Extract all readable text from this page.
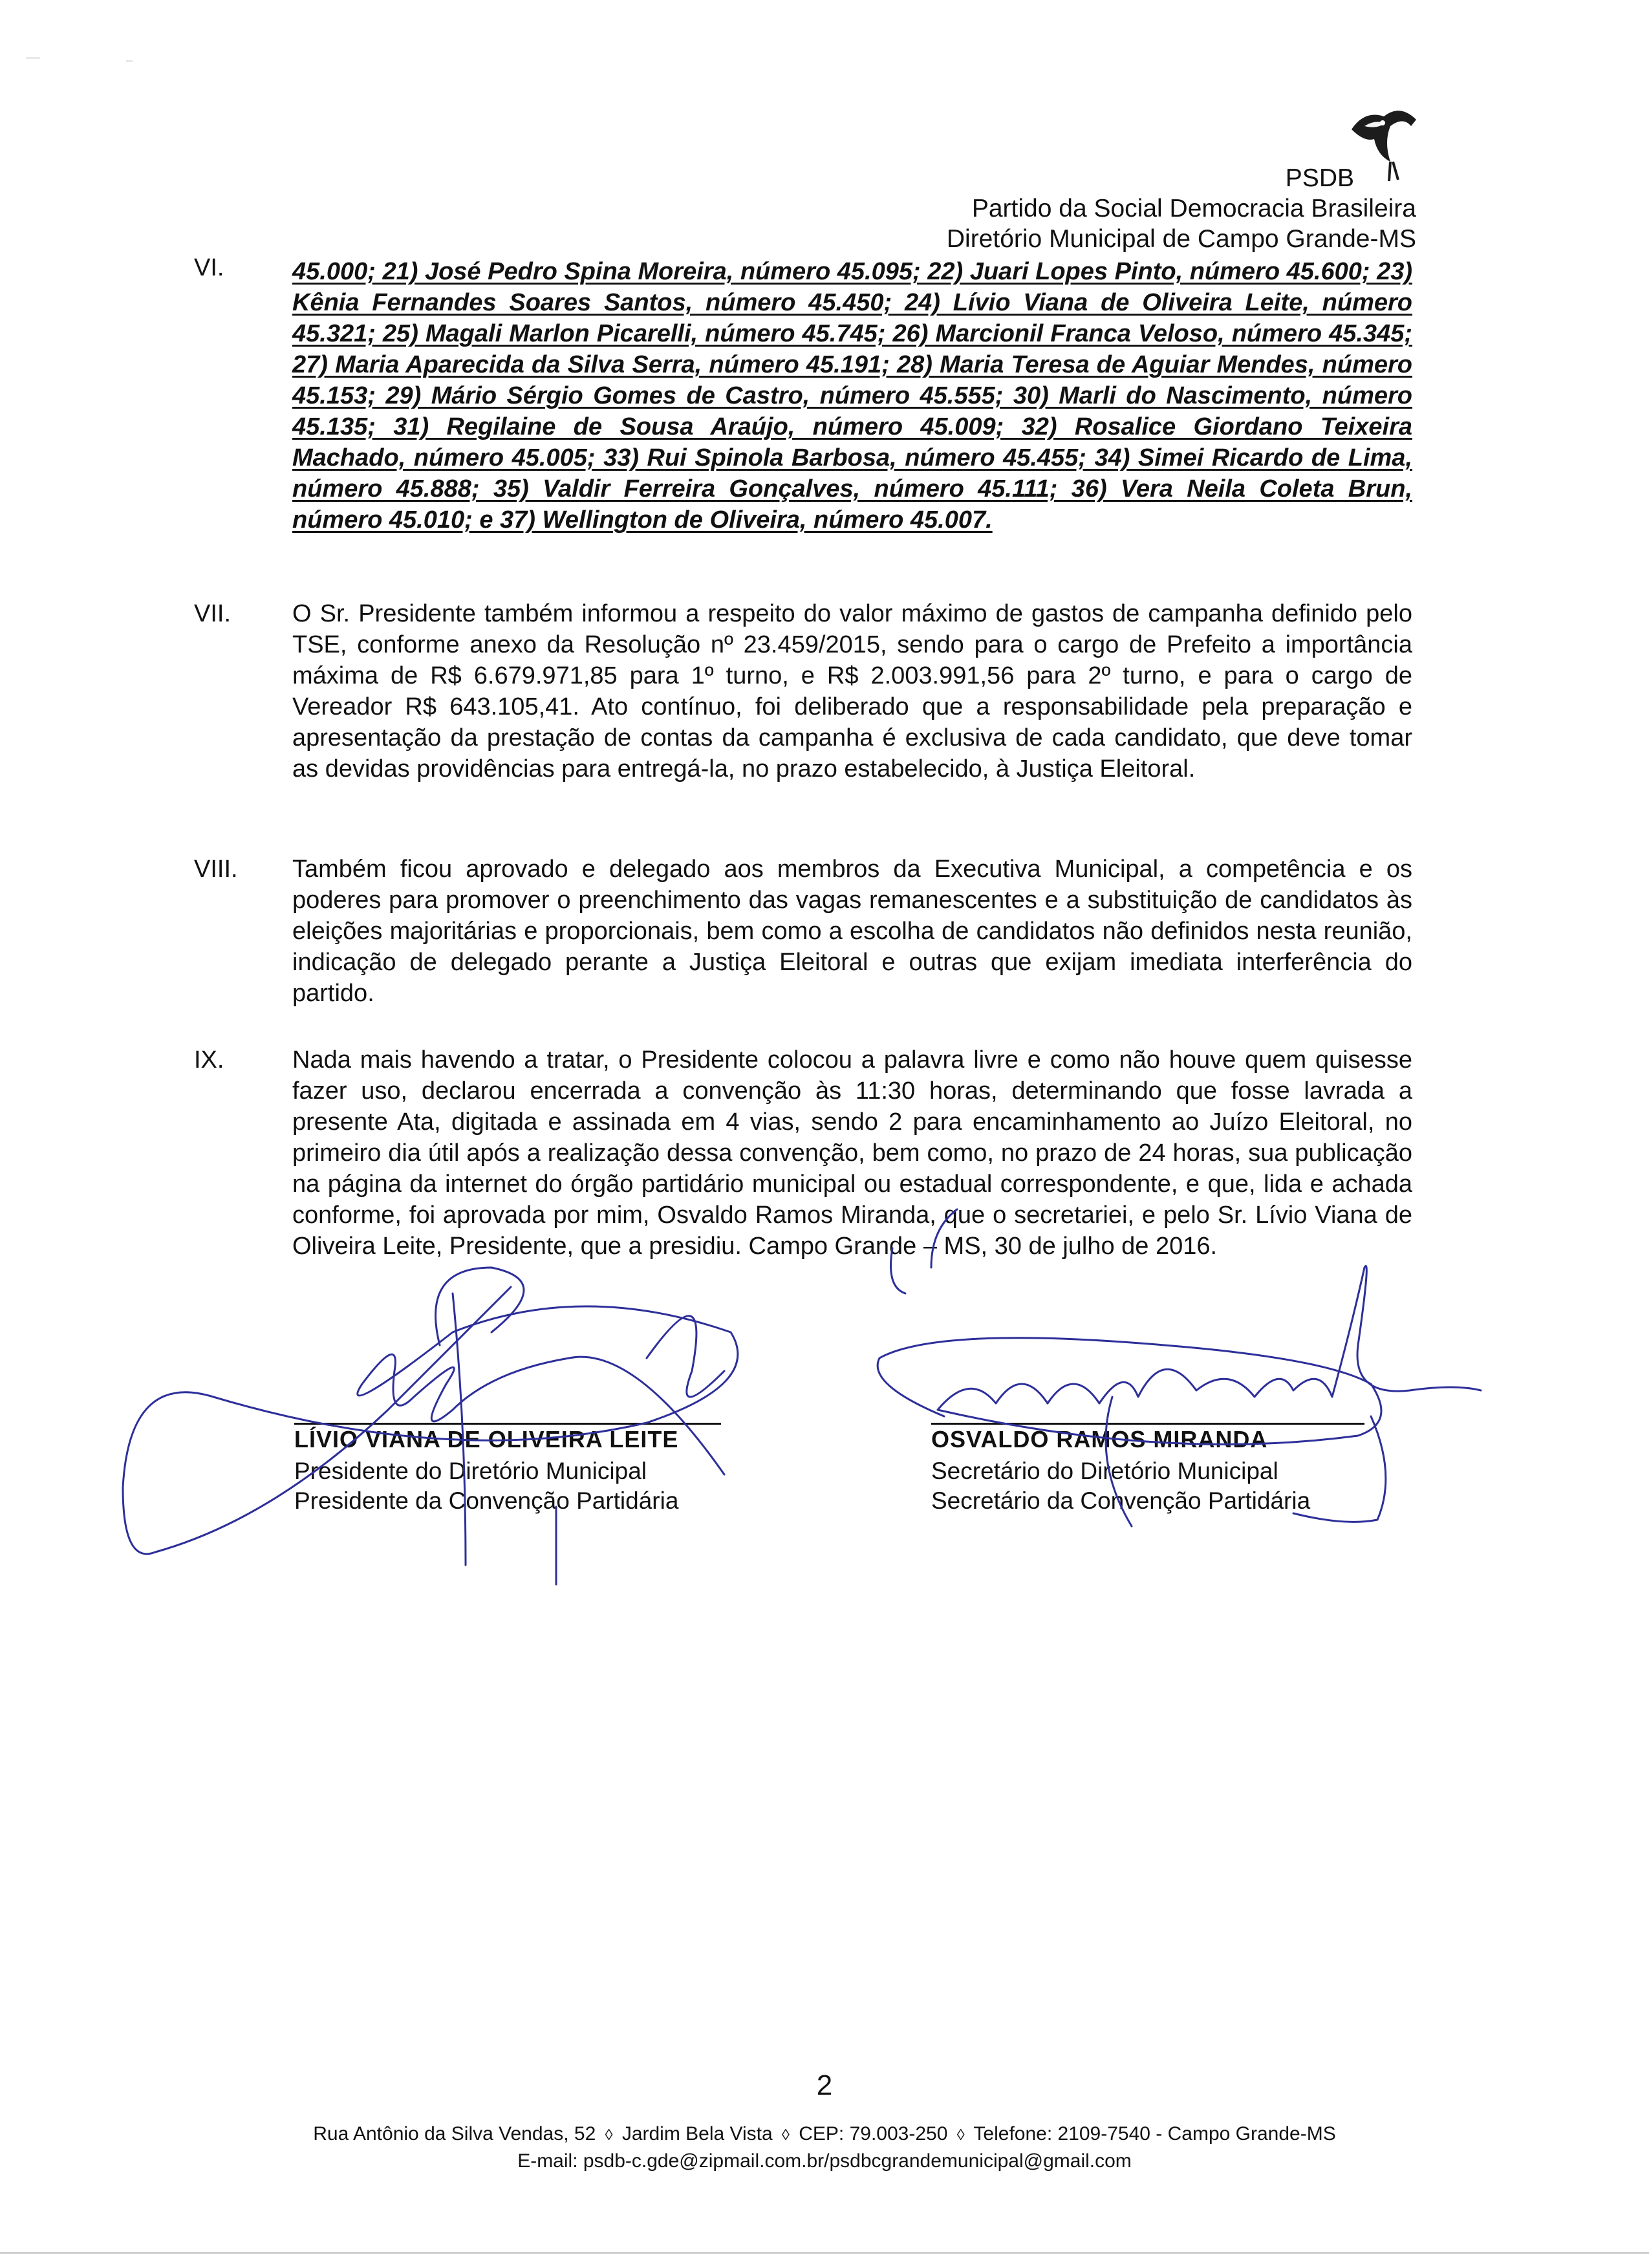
PSDB
Partido da Social Democracia Brasileira
Diretório Municipal de Campo Grande-MS
VI.	45.000; 21) José Pedro Spina Moreira, número 45.095; 22) Juari Lopes Pinto, número 45.600; 23) Kênia Fernandes Soares Santos, número 45.450; 24) Lívio Viana de Oliveira Leite, número 45.321; 25) Magali Marlon Picarelli, número 45.745; 26) Marcionil Franca Veloso, número 45.345; 27) Maria Aparecida da Silva Serra, número 45.191; 28) Maria Teresa de Aguiar Mendes, número 45.153; 29) Mário Sérgio Gomes de Castro, número 45.555; 30) Marli do Nascimento, número 45.135; 31) Regilaine de Sousa Araújo, número 45.009; 32) Rosalice Giordano Teixeira Machado, número 45.005; 33) Rui Spinola Barbosa, número 45.455; 34) Simei Ricardo de Lima, número 45.888; 35) Valdir Ferreira Gonçalves, número 45.111; 36) Vera Neila Coleta Brun, número 45.010; e 37) Wellington de Oliveira, número 45.007.
VII.	O Sr. Presidente também informou a respeito do valor máximo de gastos de campanha definido pelo TSE, conforme anexo da Resolução nº 23.459/2015, sendo para o cargo de Prefeito a importância máxima de R$ 6.679.971,85 para 1º turno, e R$ 2.003.991,56 para 2º turno, e para o cargo de Vereador R$ 643.105,41. Ato contínuo, foi deliberado que a responsabilidade pela preparação e apresentação da prestação de contas da campanha é exclusiva de cada candidato, que deve tomar as devidas providências para entregá-la, no prazo estabelecido, à Justiça Eleitoral.
VIII.	Também ficou aprovado e delegado aos membros da Executiva Municipal, a competência e os poderes para promover o preenchimento das vagas remanescentes e a substituição de candidatos às eleições majoritárias e proporcionais, bem como a escolha de candidatos não definidos nesta reunião, indicação de delegado perante a Justiça Eleitoral e outras que exijam imediata interferência do partido.
IX.	Nada mais havendo a tratar, o Presidente colocou a palavra livre e como não houve quem quisesse fazer uso, declarou encerrada a convenção às 11:30 horas, determinando que fosse lavrada a presente Ata, digitada e assinada em 4 vias, sendo 2 para encaminhamento ao Juízo Eleitoral, no primeiro dia útil após a realização dessa convenção, bem como, no prazo de 24 horas, sua publicação na página da internet do órgão partidário municipal ou estadual correspondente, e que, lida e achada conforme, foi aprovada por mim, Osvaldo Ramos Miranda, que o secretariei, e pelo Sr. Lívio Viana de Oliveira Leite, Presidente, que a presidiu. Campo Grande – MS, 30 de julho de 2016.
LÍVIO VIANA DE OLIVEIRA LEITE
Presidente do Diretório Municipal
Presidente da Convenção Partidária
OSVALDO RAMOS MIRANDA
Secretário do Diretório Municipal
Secretário da Convenção Partidária
2
Rua Antônio da Silva Vendas, 52 ◊ Jardim Bela Vista ◊ CEP: 79.003-250 ◊ Telefone: 2109-7540 - Campo Grande-MS
E-mail: psdb-c.gde@zipmail.com.br/psdbcgrandemunicipal@gmail.com
